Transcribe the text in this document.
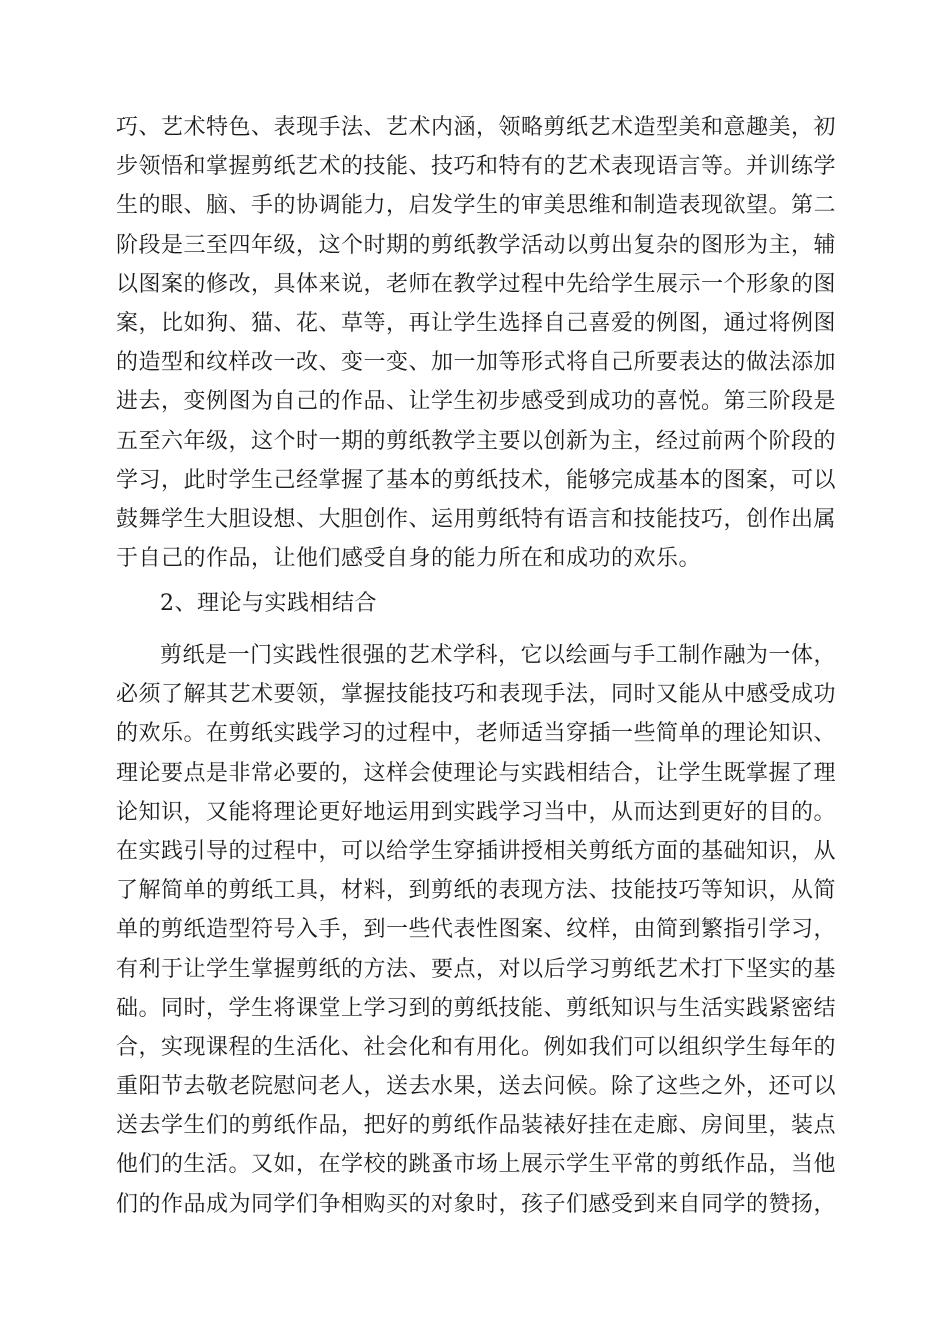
巧、艺术特色、表现手法、艺术内涵，领略剪纸艺术造型美和意趣美，初
步领悟和掌握剪纸艺术的技能、技巧和特有的艺术表现语言等。并训练学
生的眼、脑、手的协调能力，启发学生的审美思维和制造表现欲望。第二
阶段是三至四年级，这个时期的剪纸教学活动以剪出复杂的图形为主，辅
以图案的修改，具体来说，老师在教学过程中先给学生展示一个形象的图
案，比如狗、猫、花、草等，再让学生选择自己喜爱的例图，通过将例图
的造型和纹样改一改、变一变、加一加等形式将自己所要表达的做法添加
进去，变例图为自己的作品、让学生初步感受到成功的喜悦。第三阶段是
五至六年级，这个时一期的剪纸教学主要以创新为主，经过前两个阶段的
学习，此时学生己经掌握了基本的剪纸技术，能够完成基本的图案，可以
鼓舞学生大胆设想、大胆创作、运用剪纸特有语言和技能技巧，创作出属
于自己的作品，让他们感受自身的能力所在和成功的欢乐。
2、理论与实践相结合
剪纸是一门实践性很强的艺术学科，它以绘画与手工制作融为一体，
必须了解其艺术要领，掌握技能技巧和表现手法，同时又能从中感受成功
的欢乐。在剪纸实践学习的过程中，老师适当穿插一些简单的理论知识、
理论要点是非常必要的，这样会使理论与实践相结合，让学生既掌握了理
论知识，又能将理论更好地运用到实践学习当中，从而达到更好的目的。
在实践引导的过程中，可以给学生穿插讲授相关剪纸方面的基础知识，从
了解简单的剪纸工具，材料，到剪纸的表现方法、技能技巧等知识，从简
单的剪纸造型符号入手，到一些代表性图案、纹样，由简到繁指引学习，
有利于让学生掌握剪纸的方法、要点，对以后学习剪纸艺术打下坚实的基
础。同时，学生将课堂上学习到的剪纸技能、剪纸知识与生活实践紧密结
合，实现课程的生活化、社会化和有用化。例如我们可以组织学生每年的
重阳节去敬老院慰问老人，送去水果，送去问候。除了这些之外，还可以
送去学生们的剪纸作品，把好的剪纸作品装裱好挂在走廊、房间里，装点
他们的生活。又如，在学校的跳蚤市场上展示学生平常的剪纸作品，当他
们的作品成为同学们争相购买的对象时，孩子们感受到来自同学的赞扬，
